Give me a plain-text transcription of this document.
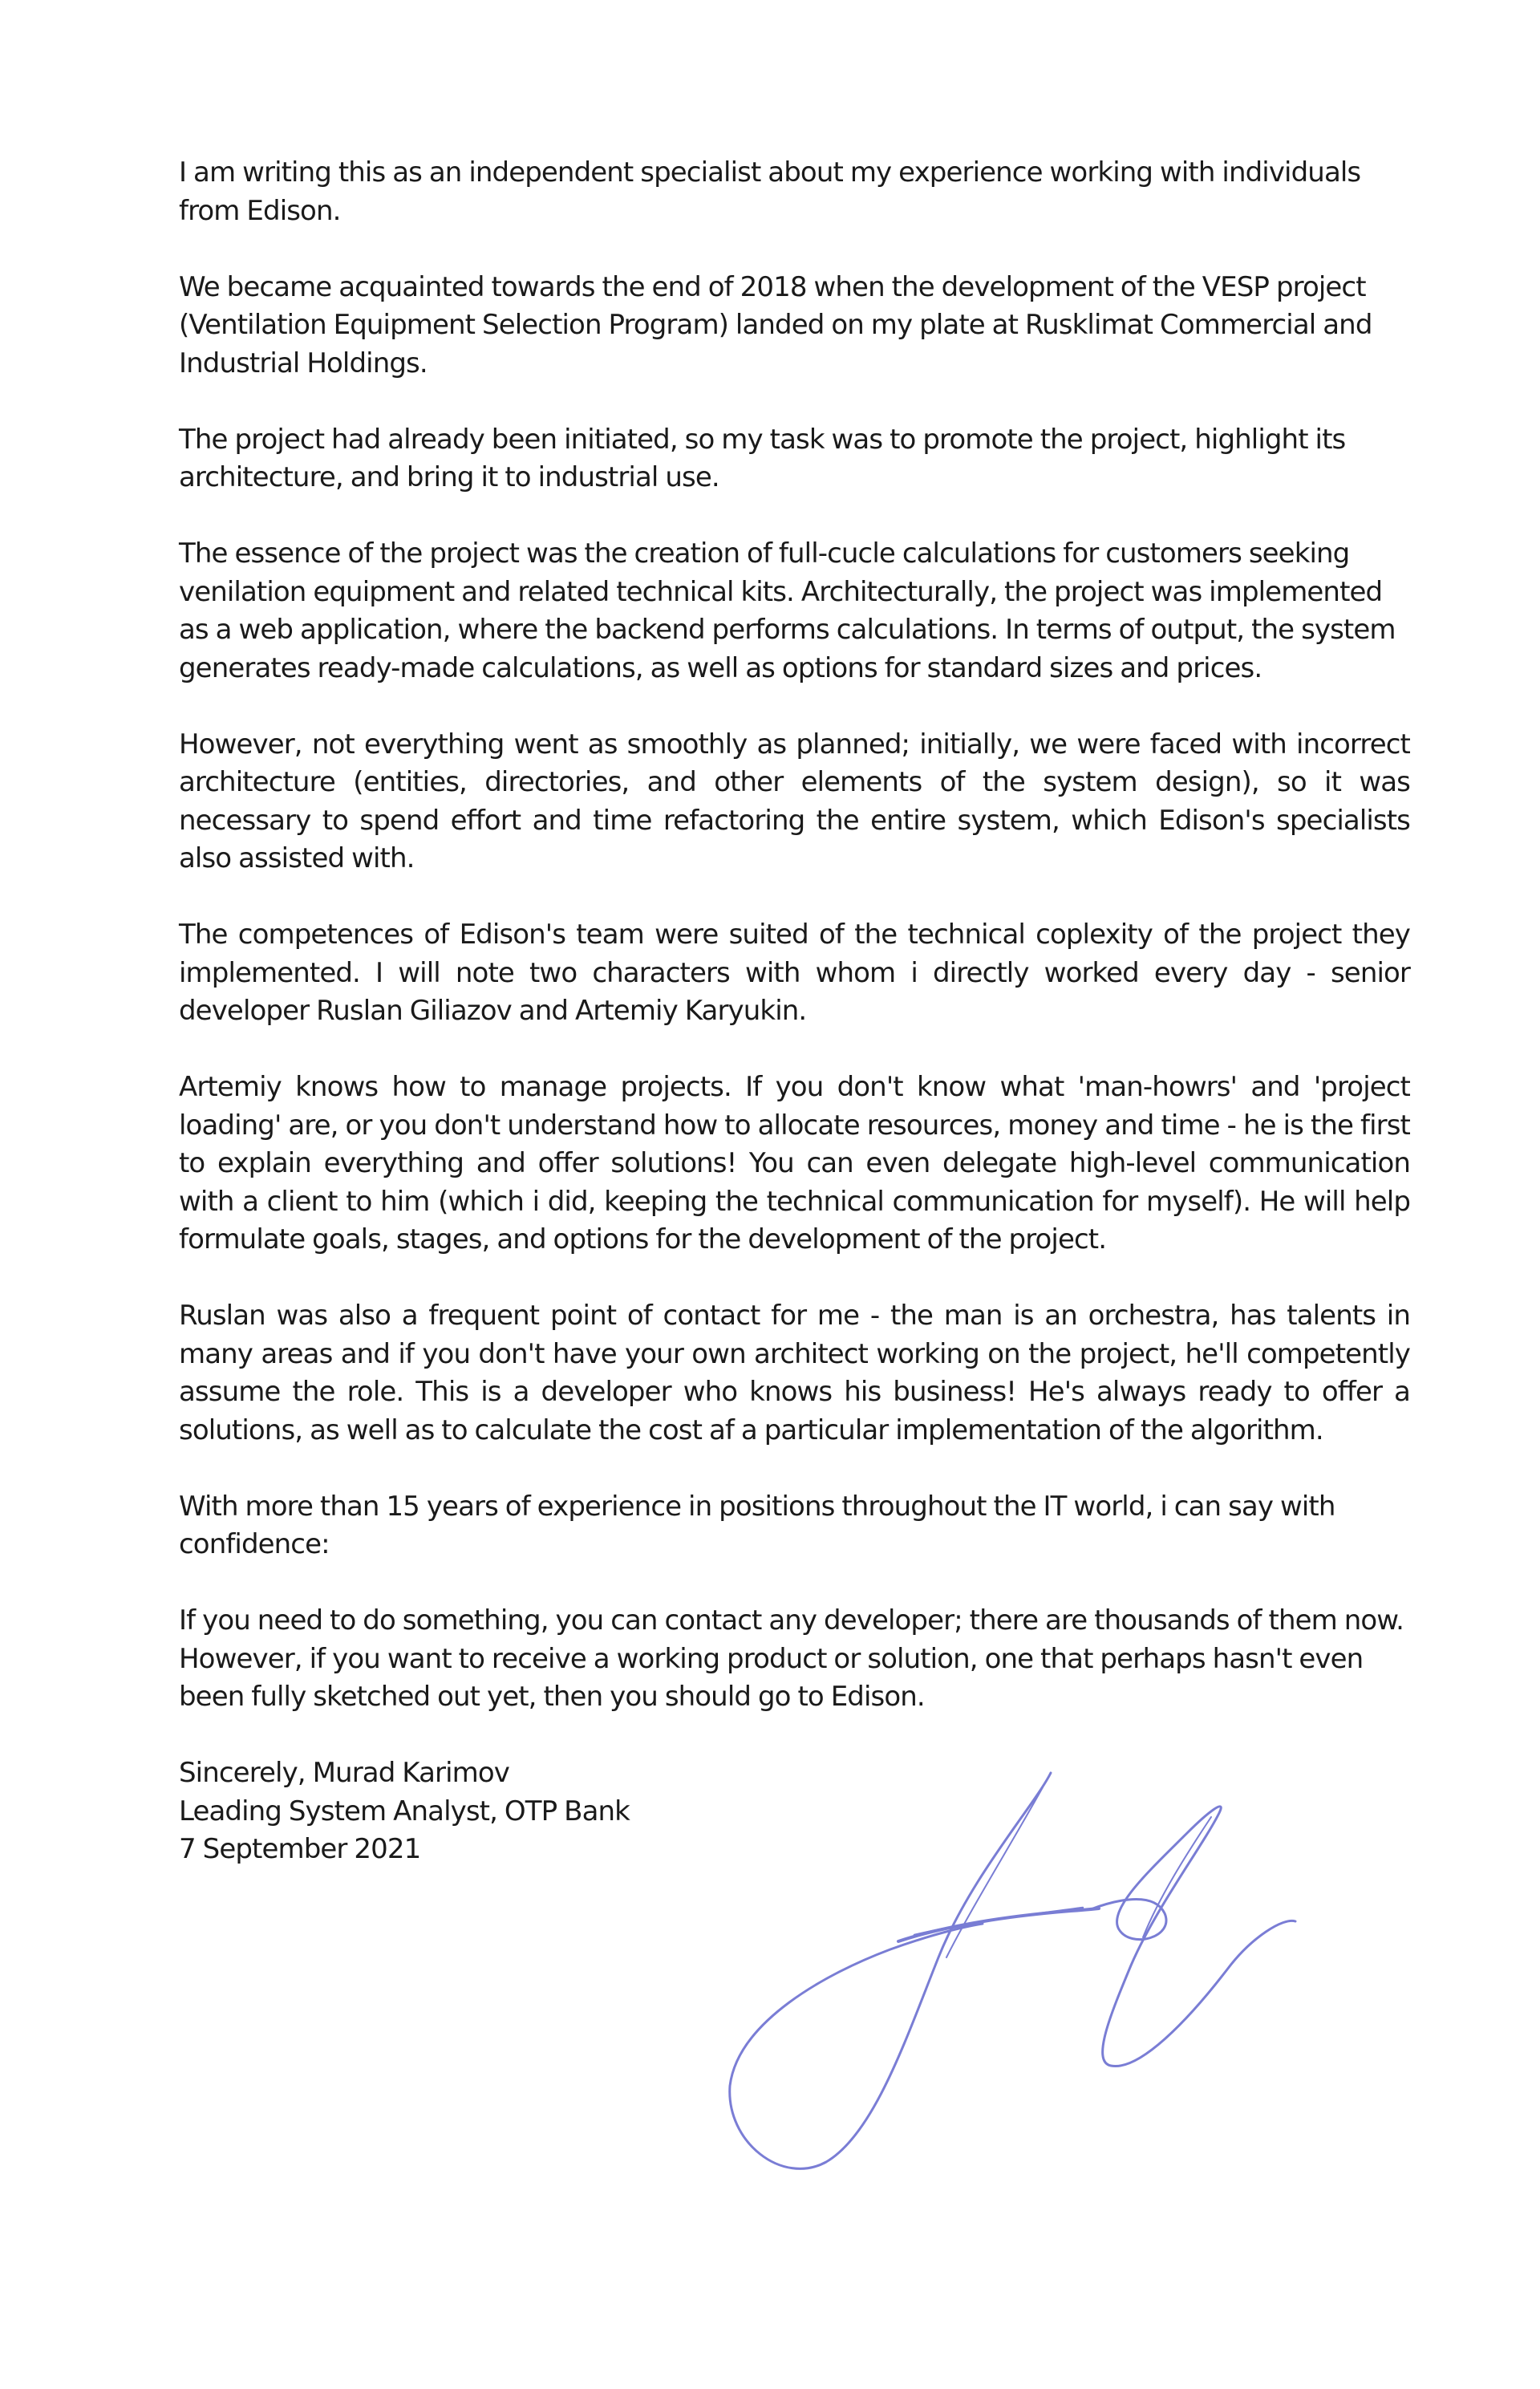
I am writing this as an independent specialist about my experience working with individuals from Edison.

We became acquainted towards the end of 2018 when the development of the VESP project (Ventilation Equipment Selection Program) landed on my plate at Rusklimat Commercial and Industrial Holdings.

The project had already been initiated, so my task was to promote the project, highlight its architecture, and bring it to industrial use.

The essence of the project was the creation of full-cucle calculations for customers seeking venilation equipment and related technical kits. Architecturally, the project was implemented as a web application, where the backend performs calculations. In terms of output, the system generates ready-made calculations, as well as options for standard sizes and prices.

However, not everything went as smoothly as planned; initially, we were faced with incorrect architecture (entities, directories, and other elements of the system design), so it was necessary to spend effort and time refactoring the entire system, which Edison's specialists also assisted with.

The competences of Edison's team were suited of the technical coplexity of the project they implemented. I will note two characters with whom i directly worked every day - senior developer Ruslan Giliazov and Artemiy Karyukin.

Artemiy knows how to manage projects. If you don't know what 'man-howrs' and 'project loading' are, or you don't understand how to allocate resources, money and time - he is the first to explain everything and offer solutions! You can even delegate high-level communication with a client to him (which i did, keeping the technical communication for myself). He will help formulate goals, stages, and options for the development of the project.

Ruslan was also a frequent point of contact for me - the man is an orchestra, has talents in many areas and if you don't have your own architect working on the project, he'll competently assume the role. This is a developer who knows his business! He's always ready to offer a solutions, as well as to calculate the cost af a particular implementation of the algorithm.

With more than 15 years of experience in positions throughout the IT world, i can say with confidence:

If you need to do something, you can contact any developer; there are thousands of them now. However, if you want to receive a working product or solution, one that perhaps hasn't even been fully sketched out yet, then you should go to Edison.

Sincerely, Murad Karimov
Leading System Analyst, OTP Bank
7 September 2021
